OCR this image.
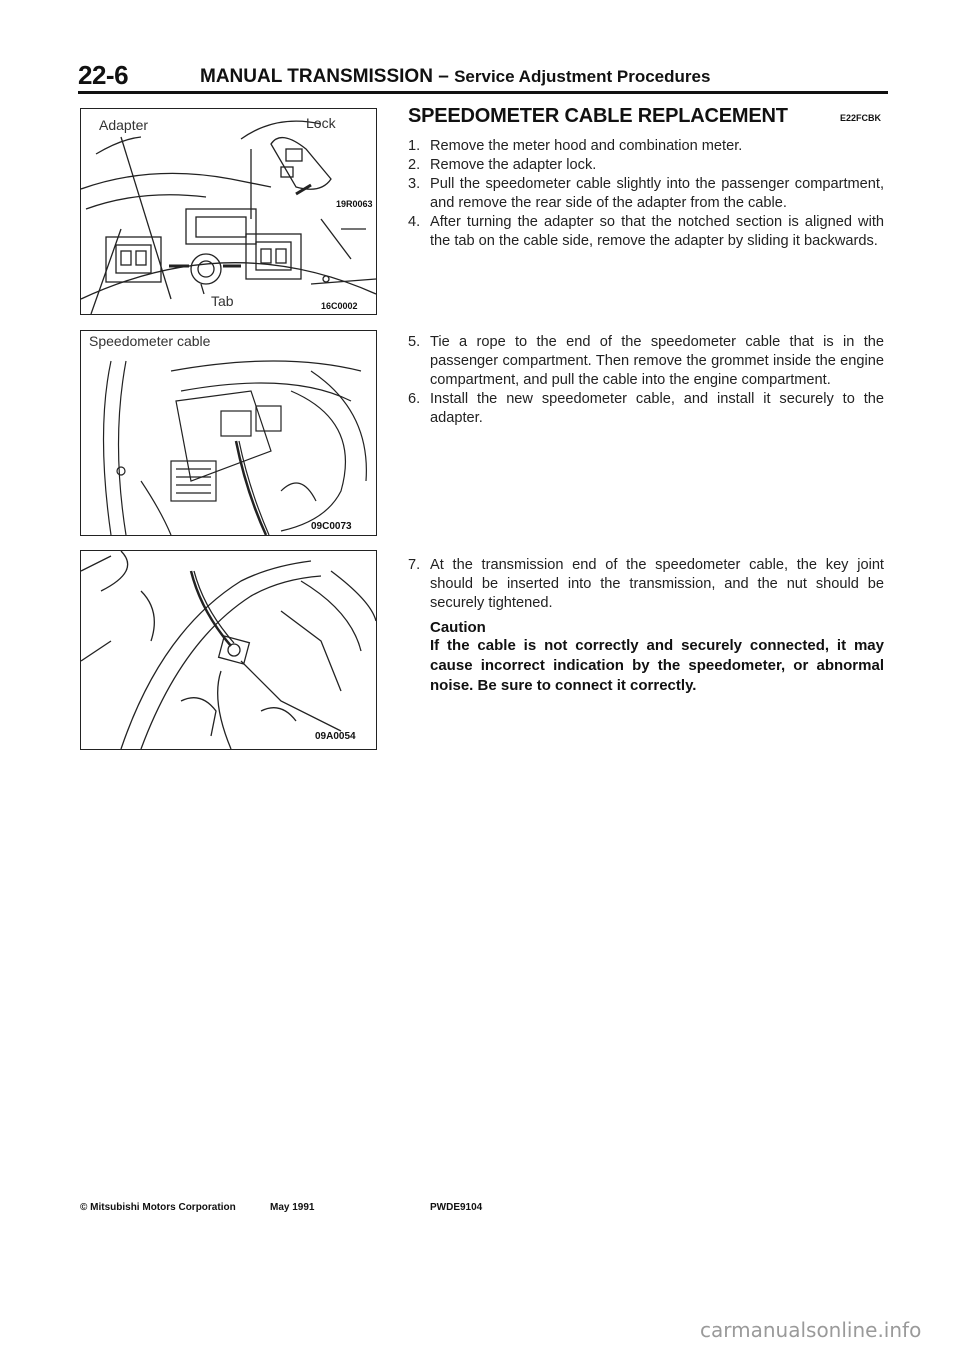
22-6	MANUAL TRANSMISSION – Service Adjustment Procedures
Adapter	Lock
Tab
19R0063
16C0002
Speedometer cable
09C0073
09A0054
SPEEDOMETER CABLE REPLACEMENT	E22FCBK
1. Remove the meter hood and combination meter.
2. Remove the adapter lock.
3. Pull the speedometer cable slightly into the passenger compartment, and remove the rear side of the adapter from the cable.
4. After turning the adapter so that the notched section is aligned with the tab on the cable side, remove the adapter by sliding it backwards.
5. Tie a rope to the end of the speedometer cable that is in the passenger compartment. Then remove the grommet inside the engine compartment, and pull the cable into the engine compartment.
6. Install the new speedometer cable, and install it securely to the adapter.
7. At the transmission end of the speedometer cable, the key joint should be inserted into the transmission, and the nut should be securely tightened.
Caution
If the cable is not correctly and securely connected, it may cause incorrect indication by the speedometer, or abnormal noise. Be sure to connect it correctly.
© Mitsubishi Motors Corporation	May 1991	PWDE9104
carmanualsonline.info
